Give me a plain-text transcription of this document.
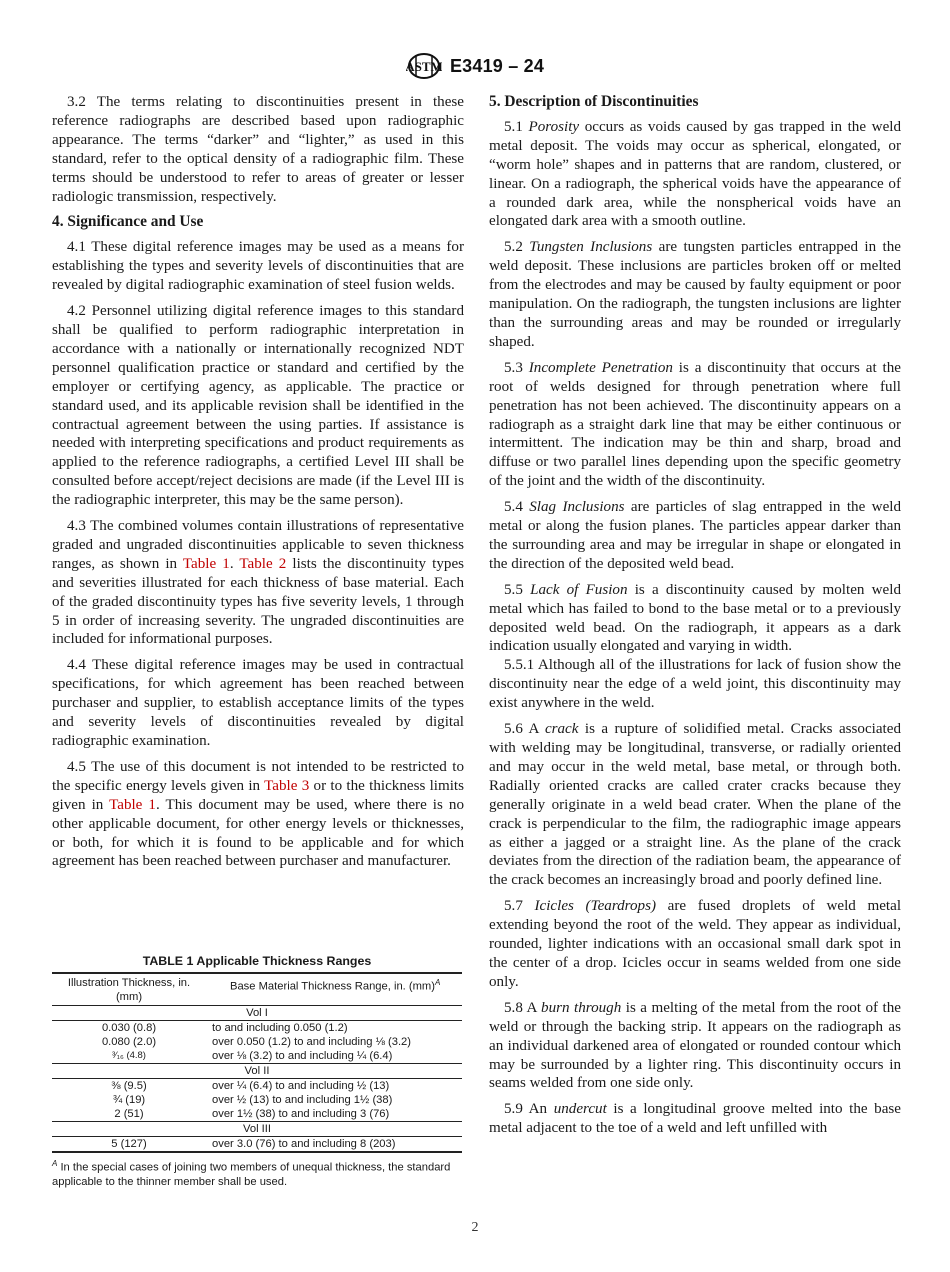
ASTM E3419 – 24

3.2 The terms relating to discontinuities present in these reference radiographs are described based upon radiographic appearance. The terms “darker” and “lighter,” as used in this standard, refer to the optical density of a radiographic film. These terms should be understood to refer to areas of greater or lesser radiologic transmission, respectively.

4. Significance and Use

4.1 These digital reference images may be used as a means for establishing the types and severity levels of discontinuities that are revealed by digital radiographic examination of steel fusion welds.

4.2 Personnel utilizing digital reference images to this standard shall be qualified to perform radiographic interpretation in accordance with a nationally or internationally recognized NDT personnel qualification practice or standard and certified by the employer or certifying agency, as applicable. The practice or standard used, and its applicable revision shall be identified in the contractual agreement between the using parties. If assistance is needed with interpreting specifications and product requirements as applied to the reference radiographs, a certified Level III shall be consulted before accept/reject decisions are made (if the Level III is the radiographic interpreter, this may be the same person).

4.3 The combined volumes contain illustrations of representative graded and ungraded discontinuities applicable to seven thickness ranges, as shown in Table 1. Table 2 lists the discontinuity types and severities illustrated for each thickness of base material. Each of the graded discontinuity types has five severity levels, 1 through 5 in order of increasing severity. The ungraded discontinuities are included for informational purposes.

4.4 These digital reference images may be used in contractual specifications, for which agreement has been reached between purchaser and supplier, to establish acceptance limits of the types and severity levels of discontinuities revealed by digital radiographic examination.

4.5 The use of this document is not intended to be restricted to the specific energy levels given in Table 3 or to the thickness limits given in Table 1. This document may be used, where there is no other applicable document, for other energy levels or thicknesses, or both, for which it is found to be applicable and for which agreement has been reached between purchaser and manufacturer.

TABLE 1 Applicable Thickness Ranges
Illustration Thickness, in. (mm)	Base Material Thickness Range, in. (mm)$^A$
Vol I	
0.030 (0.8)	to and including 0.050 (1.2)
0.080 (2.0)	over 0.050 (1.2) to and including ⅛ (3.2)
³⁄₁₆ (4.8)	over ⅛ (3.2) to and including ¼ (6.4)
Vol II	
⅜ (9.5)	over ¼ (6.4) to and including ½ (13)
¾ (19)	over ½ (13) to and including 1½ (38)
2 (51)	over 1½ (38) to and including 3 (76)
Vol III	
5 (127)	over 3.0 (76) to and including 8 (203)
$^A$ In the special cases of joining two members of unequal thickness, the standard applicable to the thinner member shall be used.

5. Description of Discontinuities

5.1 Porosity occurs as voids caused by gas trapped in the weld metal deposit. The voids may occur as spherical, elongated, or “worm hole” shapes and in patterns that are random, clustered, or linear. On a radiograph, the spherical voids have the appearance of a rounded dark area, while the nonspherical voids have an elongated dark area with a smooth outline.

5.2 Tungsten Inclusions are tungsten particles entrapped in the weld deposit. These inclusions are particles broken off or melted from the electrodes and may be caused by faulty equipment or poor manipulation. On the radiograph, the tungsten inclusions are lighter than the surrounding areas and may be rounded or irregularly shaped.

5.3 Incomplete Penetration is a discontinuity that occurs at the root of welds designed for through penetration where full penetration has not been achieved. The discontinuity appears on a radiograph as a straight dark line that may be either continuous or intermittent. The indication may be thin and sharp, broad and diffuse or two parallel lines depending upon the specific geometry of the joint and the width of the discontinuity.

5.4 Slag Inclusions are particles of slag entrapped in the weld metal or along the fusion planes. The particles appear darker than the surrounding area and may be irregular in shape or elongated in the direction of the deposited weld bead.

5.5 Lack of Fusion is a discontinuity caused by molten weld metal which has failed to bond to the base metal or to a previously deposited weld bead. On the radiograph, it appears as a dark indication usually elongated and varying in width.

5.5.1 Although all of the illustrations for lack of fusion show the discontinuity near the edge of a weld joint, this discontinuity may exist anywhere in the weld.

5.6 A crack is a rupture of solidified metal. Cracks associated with welding may be longitudinal, transverse, or radially oriented and may occur in the weld metal, base metal, or through both. Radially oriented cracks are called crater cracks because they generally originate in a weld bead crater. When the plane of the crack is perpendicular to the film, the radiographic image appears as either a jagged or a straight line. As the plane of the crack deviates from the direction of the radiation beam, the appearance of the crack becomes an increasingly broad and poorly defined line.

5.7 Icicles (Teardrops) are fused droplets of weld metal extending beyond the root of the weld. They appear as individual, rounded, lighter indications with an occasional small dark spot in the center of a drop. Icicles occur in seams welded from one side only.

5.8 A burn through is a melting of the metal from the root of the weld or through the backing strip. It appears on the radiograph as an individual darkened area of elongated or rounded contour which may be surrounded by a lighter ring. This discontinuity occurs in seams welded from one side only.

5.9 An undercut is a longitudinal groove melted into the base metal adjacent to the toe of a weld and left unfilled with

2
